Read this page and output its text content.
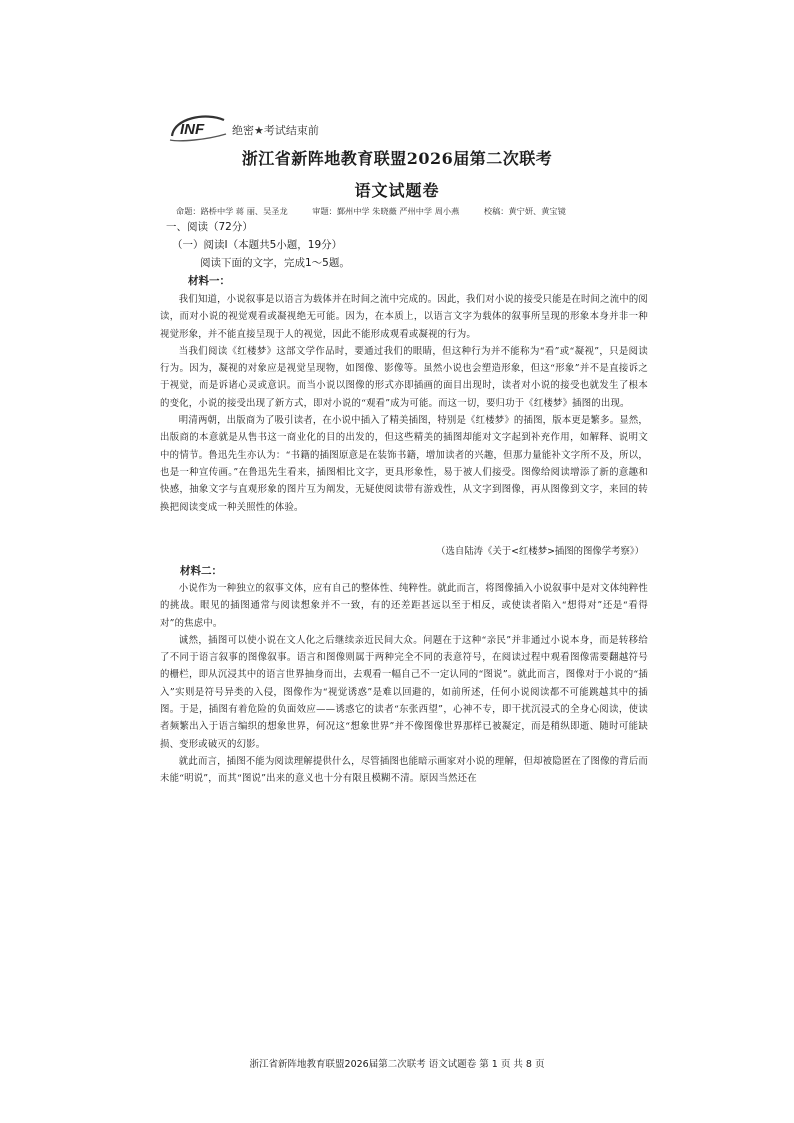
INF	绝密★考试结束前
浙江省新阵地教育联盟2026届第二次联考
语文试题卷
命题：路桥中学 蒋 丽、吴圣龙	审题：鄞州中学 朱晓薇 严州中学 周小燕	校稿：黄宁妍、黄宝镜
一、阅读（72分）
（一）阅读Ⅰ（本题共5小题，19分）
阅读下面的文字，完成1～5题。
材料一：

我们知道，小说叙事是以语言为载体并在时间之流中完成的。因此，我们对小说的接受只能是在时间之流中的阅读，而对小说的视觉观看或凝视绝无可能。因为，在本质上，以语言文字为载体的叙事所呈现的形象本身并非一种视觉形象，并不能直接呈现于人的视觉，因此不能形成观看或凝视的行为。

当我们阅读《红楼梦》这部文学作品时，要通过我们的眼睛，但这种行为并不能称为“看”或“凝视”，只是阅读行为。因为，凝视的对象应是视觉呈现物，如图像、影像等。虽然小说也会塑造形象，但这“形象”并不是直接诉之于视觉，而是诉诸心灵或意识。而当小说以图像的形式亦即插画的面目出现时，读者对小说的接受也就发生了根本的变化，小说的接受出现了新方式，即对小说的“观看”成为可能。而这一切，要归功于《红楼梦》插图的出现。

明清两朝，出版商为了吸引读者，在小说中插入了精美插图，特别是《红楼梦》的插图，版本更是繁多。显然，出版商的本意就是从售书这一商业化的目的出发的，但这些精美的插图却能对文字起到补充作用，如解释、说明文中的情节。鲁迅先生亦认为：“书籍的插图原意是在装饰书籍，增加读者的兴趣，但那力量能补文字所不及，所以，也是一种宣传画。”在鲁迅先生看来，插图相比文字，更具形象性，易于被人们接受。图像给阅读增添了新的意趣和快感，抽象文字与直观形象的图片互为阐发，无疑使阅读带有游戏性，从文字到图像，再从图像到文字，来回的转换把阅读变成一种关照性的体验。

（选自陆涛《关于<红楼梦>插图的图像学考察》）
材料二：

小说作为一种独立的叙事文体，应有自己的整体性、纯粹性。就此而言，将图像插入小说叙事中是对文体纯粹性的挑战。眼见的插图通常与阅读想象并不一致，有的还差距甚远以至于相反，或使读者陷入“想得对”还是“看得对”的焦虑中。

诚然，插图可以使小说在文人化之后继续亲近民间大众。问题在于这种“亲民”并非通过小说本身，而是转移给了不同于语言叙事的图像叙事。语言和图像则属于两种完全不同的表意符号，在阅读过程中观看图像需要翻越符号的栅栏，即从沉浸其中的语言世界抽身而出，去观看一幅自己不一定认同的“图说”。就此而言，图像对于小说的“插入”实则是符号异类的入侵，图像作为“视觉诱惑”是难以回避的，如前所述，任何小说阅读都不可能跳越其中的插图。于是，插图有着危险的负面效应——诱惑它的读者“东张西望”，心神不专，即干扰沉浸式的全身心阅读，使读者频繁出入于语言编织的想象世界，何况这“想象世界”并不像图像世界那样已被凝定，而是稍纵即逝、随时可能缺损、变形或破灭的幻影。

就此而言，插图不能为阅读理解提供什么，尽管插图也能暗示画家对小说的理解，但却被隐匿在了图像的背后而未能“明说”，而其“图说”出来的意义也十分有限且模糊不清。原因当然还在

浙江省新阵地教育联盟2026届第二次联考 语文试题卷 第 1 页 共 8 页
